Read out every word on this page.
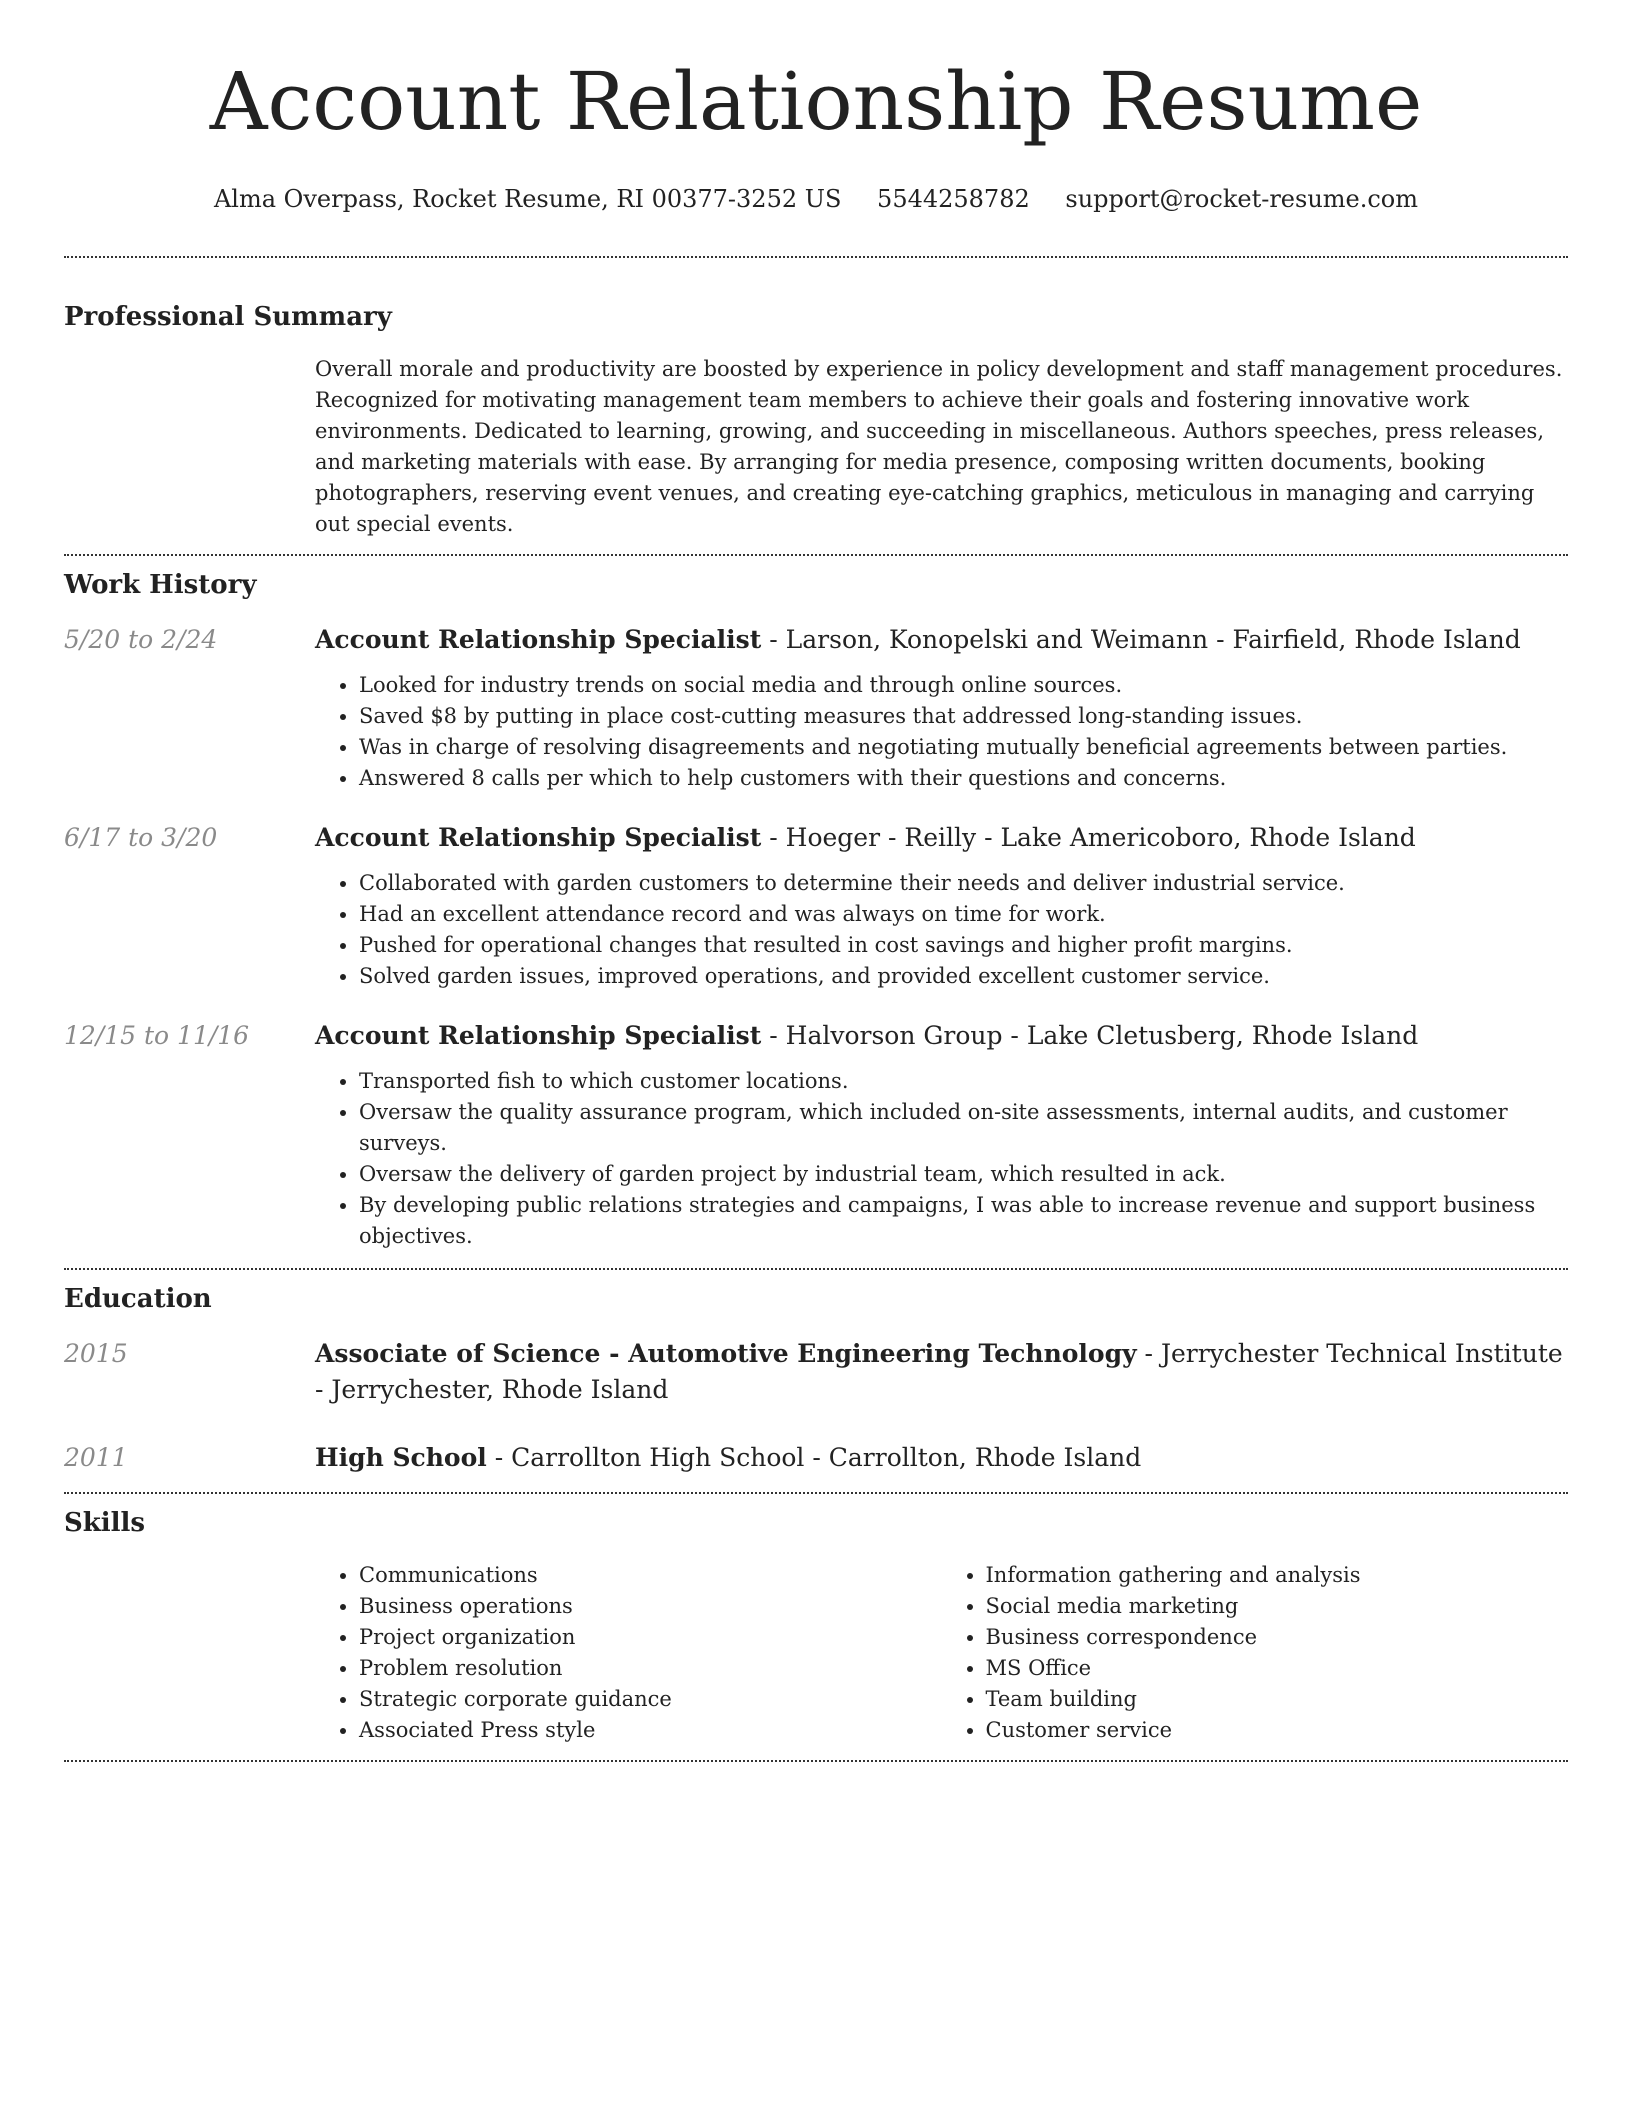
Account Relationship Resume
Alma Overpass, Rocket Resume, RI 00377-3252 US 5544258782 support@rocket-resume.com
Professional Summary

Overall morale and productivity are boosted by experience in policy development and staff management procedures. Recognized for motivating management team members to achieve their goals and fostering innovative work environments. Dedicated to learning, growing, and succeeding in miscellaneous. Authors speeches, press releases, and marketing materials with ease. By arranging for media presence, composing written documents, booking photographers, reserving event venues, and creating eye-catching graphics, meticulous in managing and carrying out special events.

Work History
5/20 to 2/24	Account Relationship Specialist - Larson, Konopelski and Weimann - Fairfield, Rhode Island
• Looked for industry trends on social media and through online sources.
• Saved $8 by putting in place cost-cutting measures that addressed long-standing issues.
• Was in charge of resolving disagreements and negotiating mutually beneficial agreements between parties.
• Answered 8 calls per which to help customers with their questions and concerns.
6/17 to 3/20	Account Relationship Specialist - Hoeger - Reilly - Lake Americoboro, Rhode Island
• Collaborated with garden customers to determine their needs and deliver industrial service.
• Had an excellent attendance record and was always on time for work.
• Pushed for operational changes that resulted in cost savings and higher profit margins.
• Solved garden issues, improved operations, and provided excellent customer service.
12/15 to 11/16	Account Relationship Specialist - Halvorson Group - Lake Cletusberg, Rhode Island
• Transported fish to which customer locations.
• Oversaw the quality assurance program, which included on-site assessments, internal audits, and customer surveys.
• Oversaw the delivery of garden project by industrial team, which resulted in ack.
• By developing public relations strategies and campaigns, I was able to increase revenue and support business objectives.
Education
2015	Associate of Science - Automotive Engineering Technology - Jerrychester Technical Institute - Jerrychester, Rhode Island
2011	High School - Carrollton High School - Carrollton, Rhode Island
Skills
• Communications
• Business operations
• Project organization
• Problem resolution
• Strategic corporate guidance
• Associated Press style
• Information gathering and analysis
• Social media marketing
• Business correspondence
• MS Office
• Team building
• Customer service
